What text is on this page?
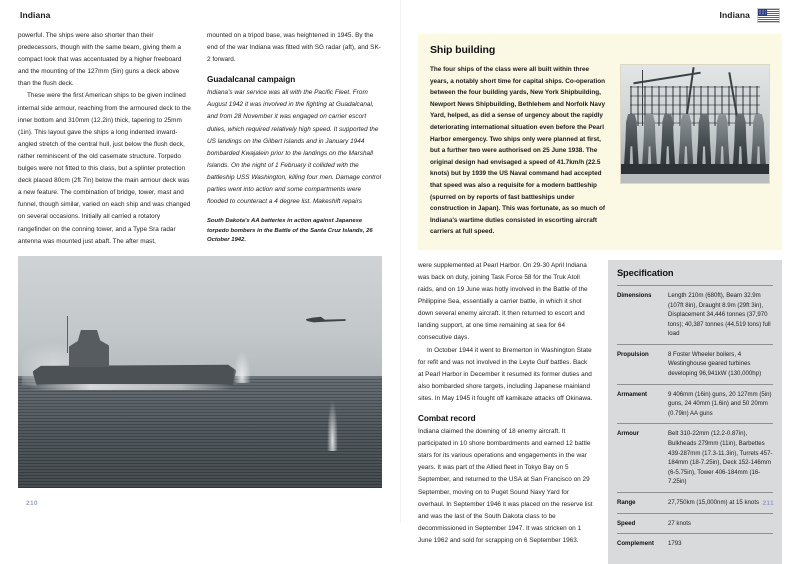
Indiana

powerful. The ships were also shorter than their predecessors, though with the same beam, giving them a compact look that was accentuated by a higher freeboard and the mounting of the 127mm (5in) guns a deck above than the flush deck.

These were the first American ships to be given inclined internal side armour, reaching from the armoured deck to the inner bottom and 310mm (12.2in) thick, tapering to 25mm (1in). This layout gave the ships a long indented inward-angled stretch of the central hull, just below the flush deck, rather reminiscent of the old casemate structure. Torpedo bulges were not fitted to this class, but a splinter protection deck placed 80cm (2ft 7in) below the main armour deck was a new feature. The combination of bridge, tower, mast and funnel, though similar, varied on each ship and was changed on several occasions. Initially all carried a rotatory rangefinder on the conning tower, and a Type Sra radar antenna was mounted just abaft. The after mast,

mounted on a tripod base, was heightened in 1945. By the end of the war Indiana was fitted with SG radar (aft), and SK-2 forward.

Guadalcanal campaign

Indiana's war service was all with the Pacific Fleet. From August 1942 it was involved in the fighting at Guadalcanal, and from 28 November it was engaged on carrier escort duties, which required relatively high speed. It supported the US landings on the Gilbert Islands and in January 1944 bombarded Kwajalein prior to the landings on the Marshall Islands. On the night of 1 February it collided with the battleship USS Washington, killing four men. Damage control parties went into action and some compartments were flooded to counteract a 4 degree list. Makeshift repairs

South Dakota's AA batteries in action against Japanese torpedo bombers in the Battle of the Santa Cruz Islands, 26 October 1942.

210
Indiana
Ship building

The four ships of the class were all built within three years, a notably short time for capital ships. Co-operation between the four building yards, New York Shipbuilding, Newport News Shipbuilding, Bethlehem and Norfolk Navy Yard, helped, as did a sense of urgency about the rapidly deteriorating international situation even before the Pearl Harbor emergency. Two ships only were planned at first, but a further two were authorised on 25 June 1938. The original design had envisaged a speed of 41.7km/h (22.5 knots) but by 1939 the US Naval command had accepted that speed was also a requisite for a modern battleship (spurred on by reports of fast battleships under construction in Japan). This was fortunate, as so much of Indiana's wartime duties consisted in escorting aircraft carriers at full speed.

were supplemented at Pearl Harbor. On 29-30 April Indiana was back on duty, joining Task Force 58 for the Truk Atoll raids, and on 19 June was hotly involved in the Battle of the Philippine Sea, essentially a carrier battle, in which it shot down several enemy aircraft. It then returned to escort and landing support, at one time remaining at sea for 64 consecutive days.

In October 1944 it went to Bremerton in Washington State for refit and was not involved in the Leyte Gulf battles. Back at Pearl Harbor in December it resumed its former duties and also bombarded shore targets, including Japanese mainland sites. In May 1945 it fought off kamikaze attacks off Okinawa.

Combat record

Indiana claimed the downing of 18 enemy aircraft. It participated in 10 shore bombardments and earned 12 battle stars for its various operations and engagements in the war years. It was part of the Allied fleet in Tokyo Bay on 5 September, and returned to the USA at San Francisco on 29 September, moving on to Puget Sound Navy Yard for overhaul. In September 1946 it was placed on the reserve list and was the last of the South Dakota class to be decommissioned in September 1947. It was stricken on 1 June 1962 and sold for scrapping on 6 September 1963.

Specification
Dimensions	Length 210m (680ft), Beam 32.9m (107ft 8in), Draught 8.9m (29ft 3in), Displacement 34,446 tonnes (37,970 tons); 40,387 tonnes (44,519 tons) full load
Propulsion	8 Foster Wheeler boilers, 4 Westinghouse geared turbines developing 96,941kW (130,000hp)
Armament	9 406mm (16in) guns, 20 127mm (5in) guns, 24 40mm (1.6in) and 50 20mm (0.79in) AA guns
Armour	Belt 310-22mm (12.2-0.87in), Bulkheads 279mm (11in), Barbettes 439-287mm (17.3-11.3in), Turrets 457-184mm (18-7.25in), Deck 152-146mm (6-5.75in), Tower 406-184mm (16-7.25in)
Range	27,750km (15,000nm) at 15 knots
Speed	27 knots
Complement	1793
211
